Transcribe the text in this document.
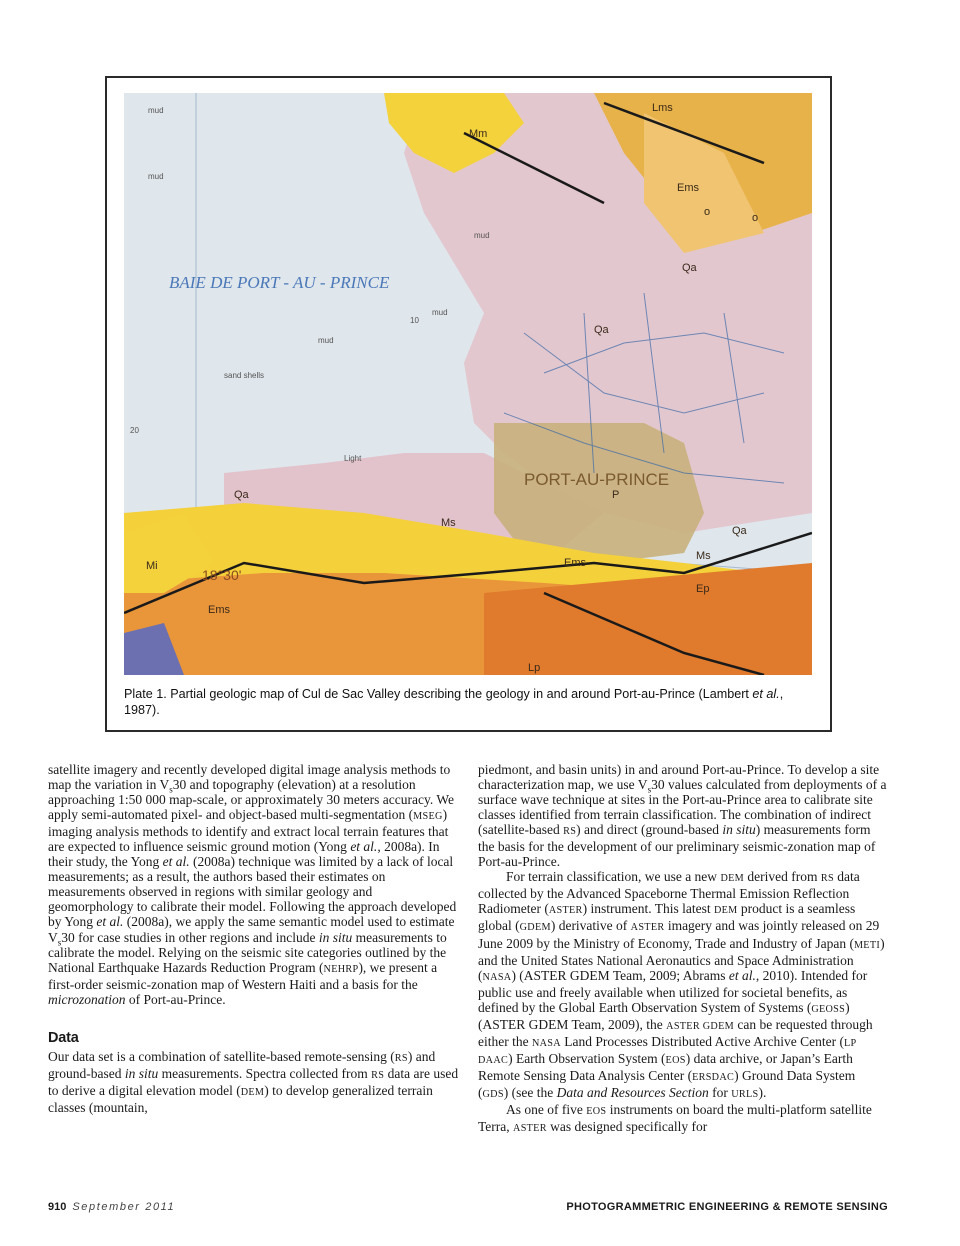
BAIE DE PORT - AU - PRINCE
PORT-AU-PRINCE
Lms
Mm
Ems
Qa
Qa
Qa
Qa
P
Ms
Ms
Ems
Ems
Ep
Lp
Mi
o	o
mud
mud
mud
mud
mud
sand shells
Light
18°30'
20
10
Plate 1. Partial geologic map of Cul de Sac Valley describing the geology in and around Port-au-Prince (Lambert et al., 1987).

satellite imagery and recently developed digital image analysis methods to map the variation in $V_s30$ and topography (elevation) at a resolution approaching 1:50 000 map-scale, or approximately 30 meters accuracy. We apply semi-automated pixel- and object-based multi-segmentation (MSEG) imaging analysis methods to identify and extract local terrain features that are expected to influence seismic ground motion (Yong et al., 2008a). In their study, the Yong et al. (2008a) technique was limited by a lack of local measurements; as a result, the authors based their estimates on measurements observed in regions with similar geology and geomorphology to calibrate their model. Following the approach developed by Yong et al. (2008a), we apply the same semantic model used to estimate $V_s30$ for case studies in other regions and include in situ measurements to calibrate the model. Relying on the seismic site categories outlined by the National Earthquake Hazards Reduction Program (NEHRP), we present a first-order seismic-zonation map of Western Haiti and a basis for the microzonation of Port-au-Prince.

Data

Our data set is a combination of satellite-based remote-sensing (RS) and ground-based in situ measurements. Spectra collected from RS data are used to derive a digital elevation model (DEM) to develop generalized terrain classes (mountain,

piedmont, and basin units) in and around Port-au-Prince. To develop a site characterization map, we use $V_s30$ values calculated from deployments of a surface wave technique at sites in the Port-au-Prince area to calibrate site classes identified from terrain classification. The combination of indirect (satellite-based RS) and direct (ground-based in situ) measurements form the basis for the development of our preliminary seismic-zonation map of Port-au-Prince.

For terrain classification, we use a new DEM derived from RS data collected by the Advanced Spaceborne Thermal Emission Reflection Radiometer (ASTER) instrument. This latest DEM product is a seamless global (GDEM) derivative of ASTER imagery and was jointly released on 29 June 2009 by the Ministry of Economy, Trade and Industry of Japan (METI) and the United States National Aeronautics and Space Administration (NASA) (ASTER GDEM Team, 2009; Abrams et al., 2010). Intended for public use and freely available when utilized for societal benefits, as defined by the Global Earth Observation System of Systems (GEOSS) (ASTER GDEM Team, 2009), the ASTER GDEM can be requested through either the NASA Land Processes Distributed Active Archive Center (LP DAAC) Earth Observation System (EOS) data archive, or Japan’s Earth Remote Sensing Data Analysis Center (ERSDAC) Ground Data System (GDS) (see the Data and Resources Section for URLS).

As one of five EOS instruments on board the multi-platform satellite Terra, ASTER was designed specifically for

910 September 2011	PHOTOGRAMMETRIC ENGINEERING & REMOTE SENSING
